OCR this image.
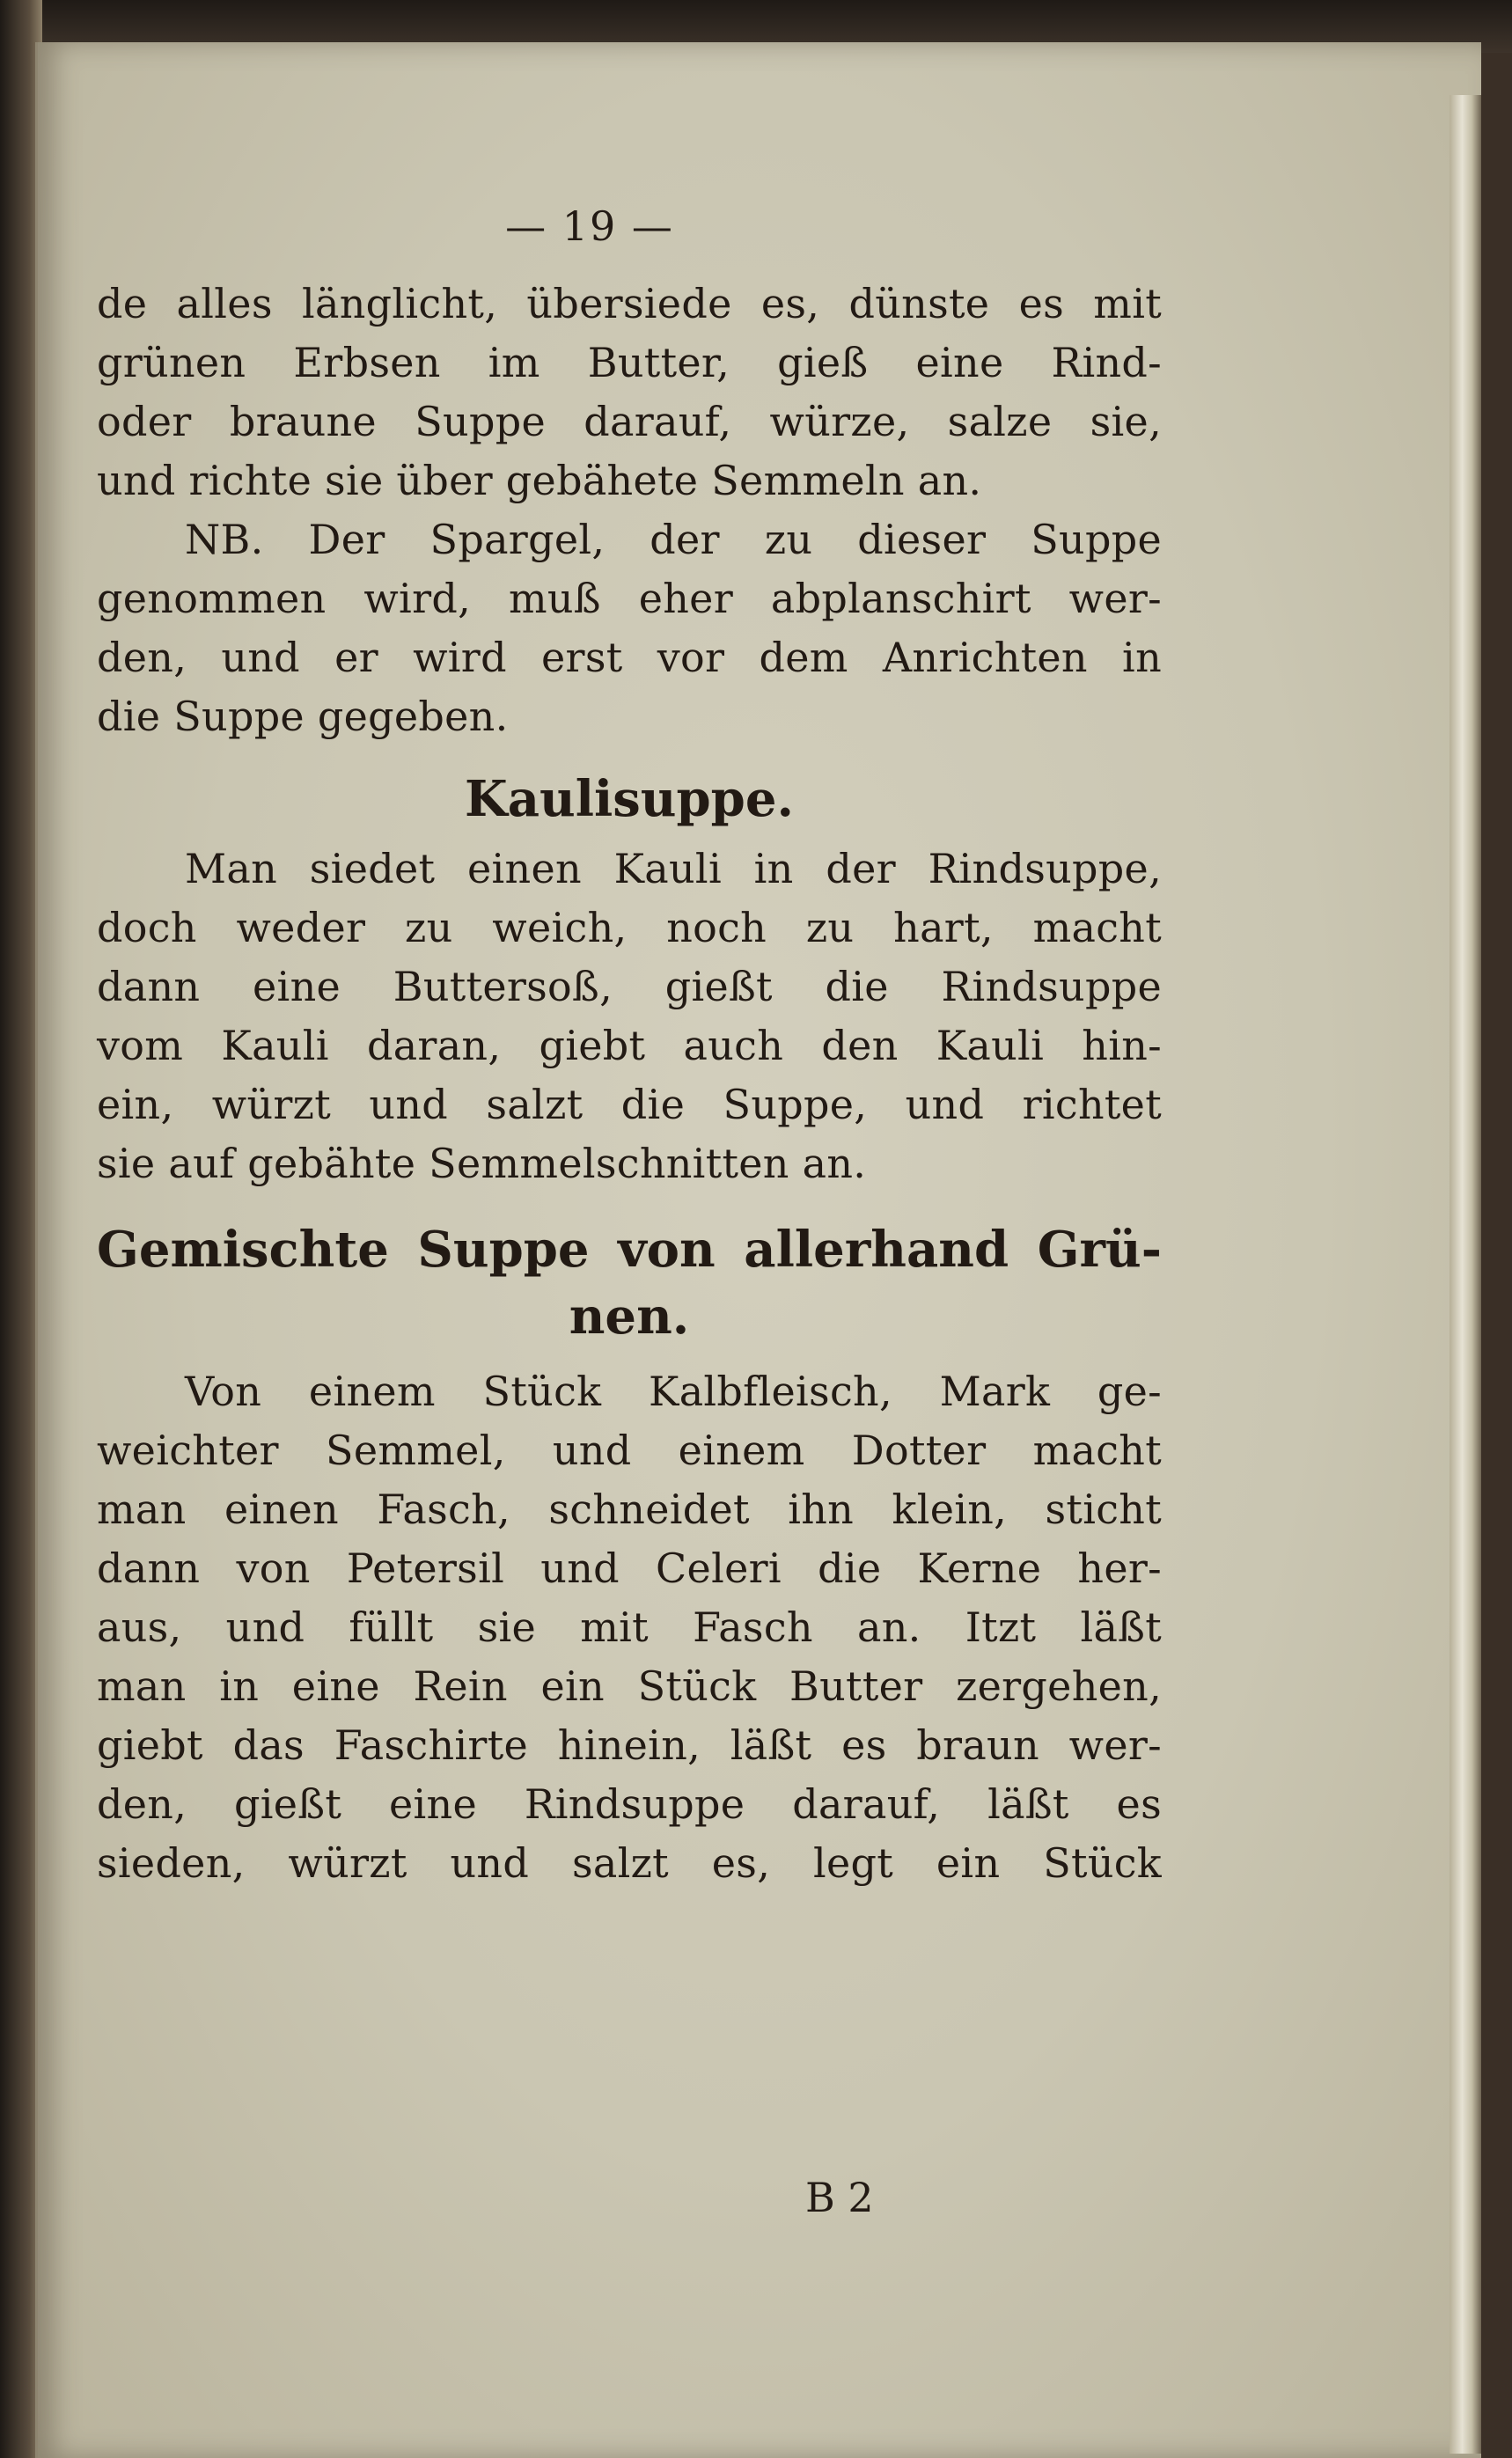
— 19 —
de alles länglicht, übersiede es, dünste es mit
grünen Erbsen im Butter, gieß eine Rind-
oder braune Suppe darauf, würze, salze sie,
und richte sie über gebähete Semmeln an.
NB. Der Spargel, der zu dieser Suppe
genommen wird, muß eher abplanschirt wer-
den, und er wird erst vor dem Anrichten in
die Suppe gegeben.
Kaulisuppe.
Man siedet einen Kauli in der Rindsuppe,
doch weder zu weich, noch zu hart, macht
dann eine Buttersoß, gießt die Rindsuppe
vom Kauli daran, giebt auch den Kauli hin-
ein, würzt und salzt die Suppe, und richtet
sie auf gebähte Semmelschnitten an.
Gemischte Suppe von allerhand Grü-
nen.
Von einem Stück Kalbfleisch, Mark ge-
weichter Semmel, und einem Dotter macht
man einen Fasch, schneidet ihn klein, sticht
dann von Petersil und Celeri die Kerne her-
aus, und füllt sie mit Fasch an. Itzt läßt
man in eine Rein ein Stück Butter zergehen,
giebt das Faschirte hinein, läßt es braun wer-
den, gießt eine Rindsuppe darauf, läßt es
sieden, würzt und salzt es, legt ein Stück
B 2
